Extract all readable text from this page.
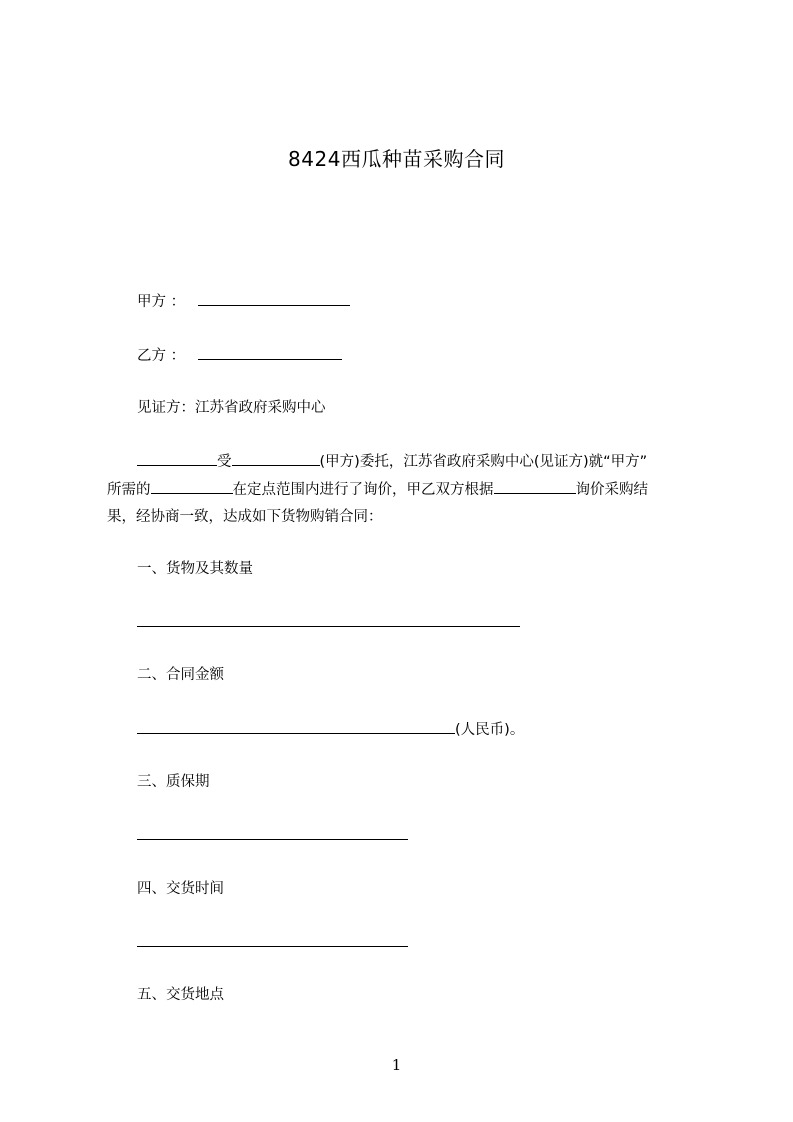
8424西瓜种苗采购合同
甲方 ：
乙方 ：
见证方：江苏省政府采购中心
受	(甲方)委托，江苏省政府采购中心(见证方)就“甲方”
所需的	在定点范围内进行了询价，甲乙双方根据	询价采购结
果，经协商一致，达成如下货物购销合同：
一、货物及其数量
二、合同金额
(人民币)。
三、质保期
四、交货时间
五、交货地点
1
